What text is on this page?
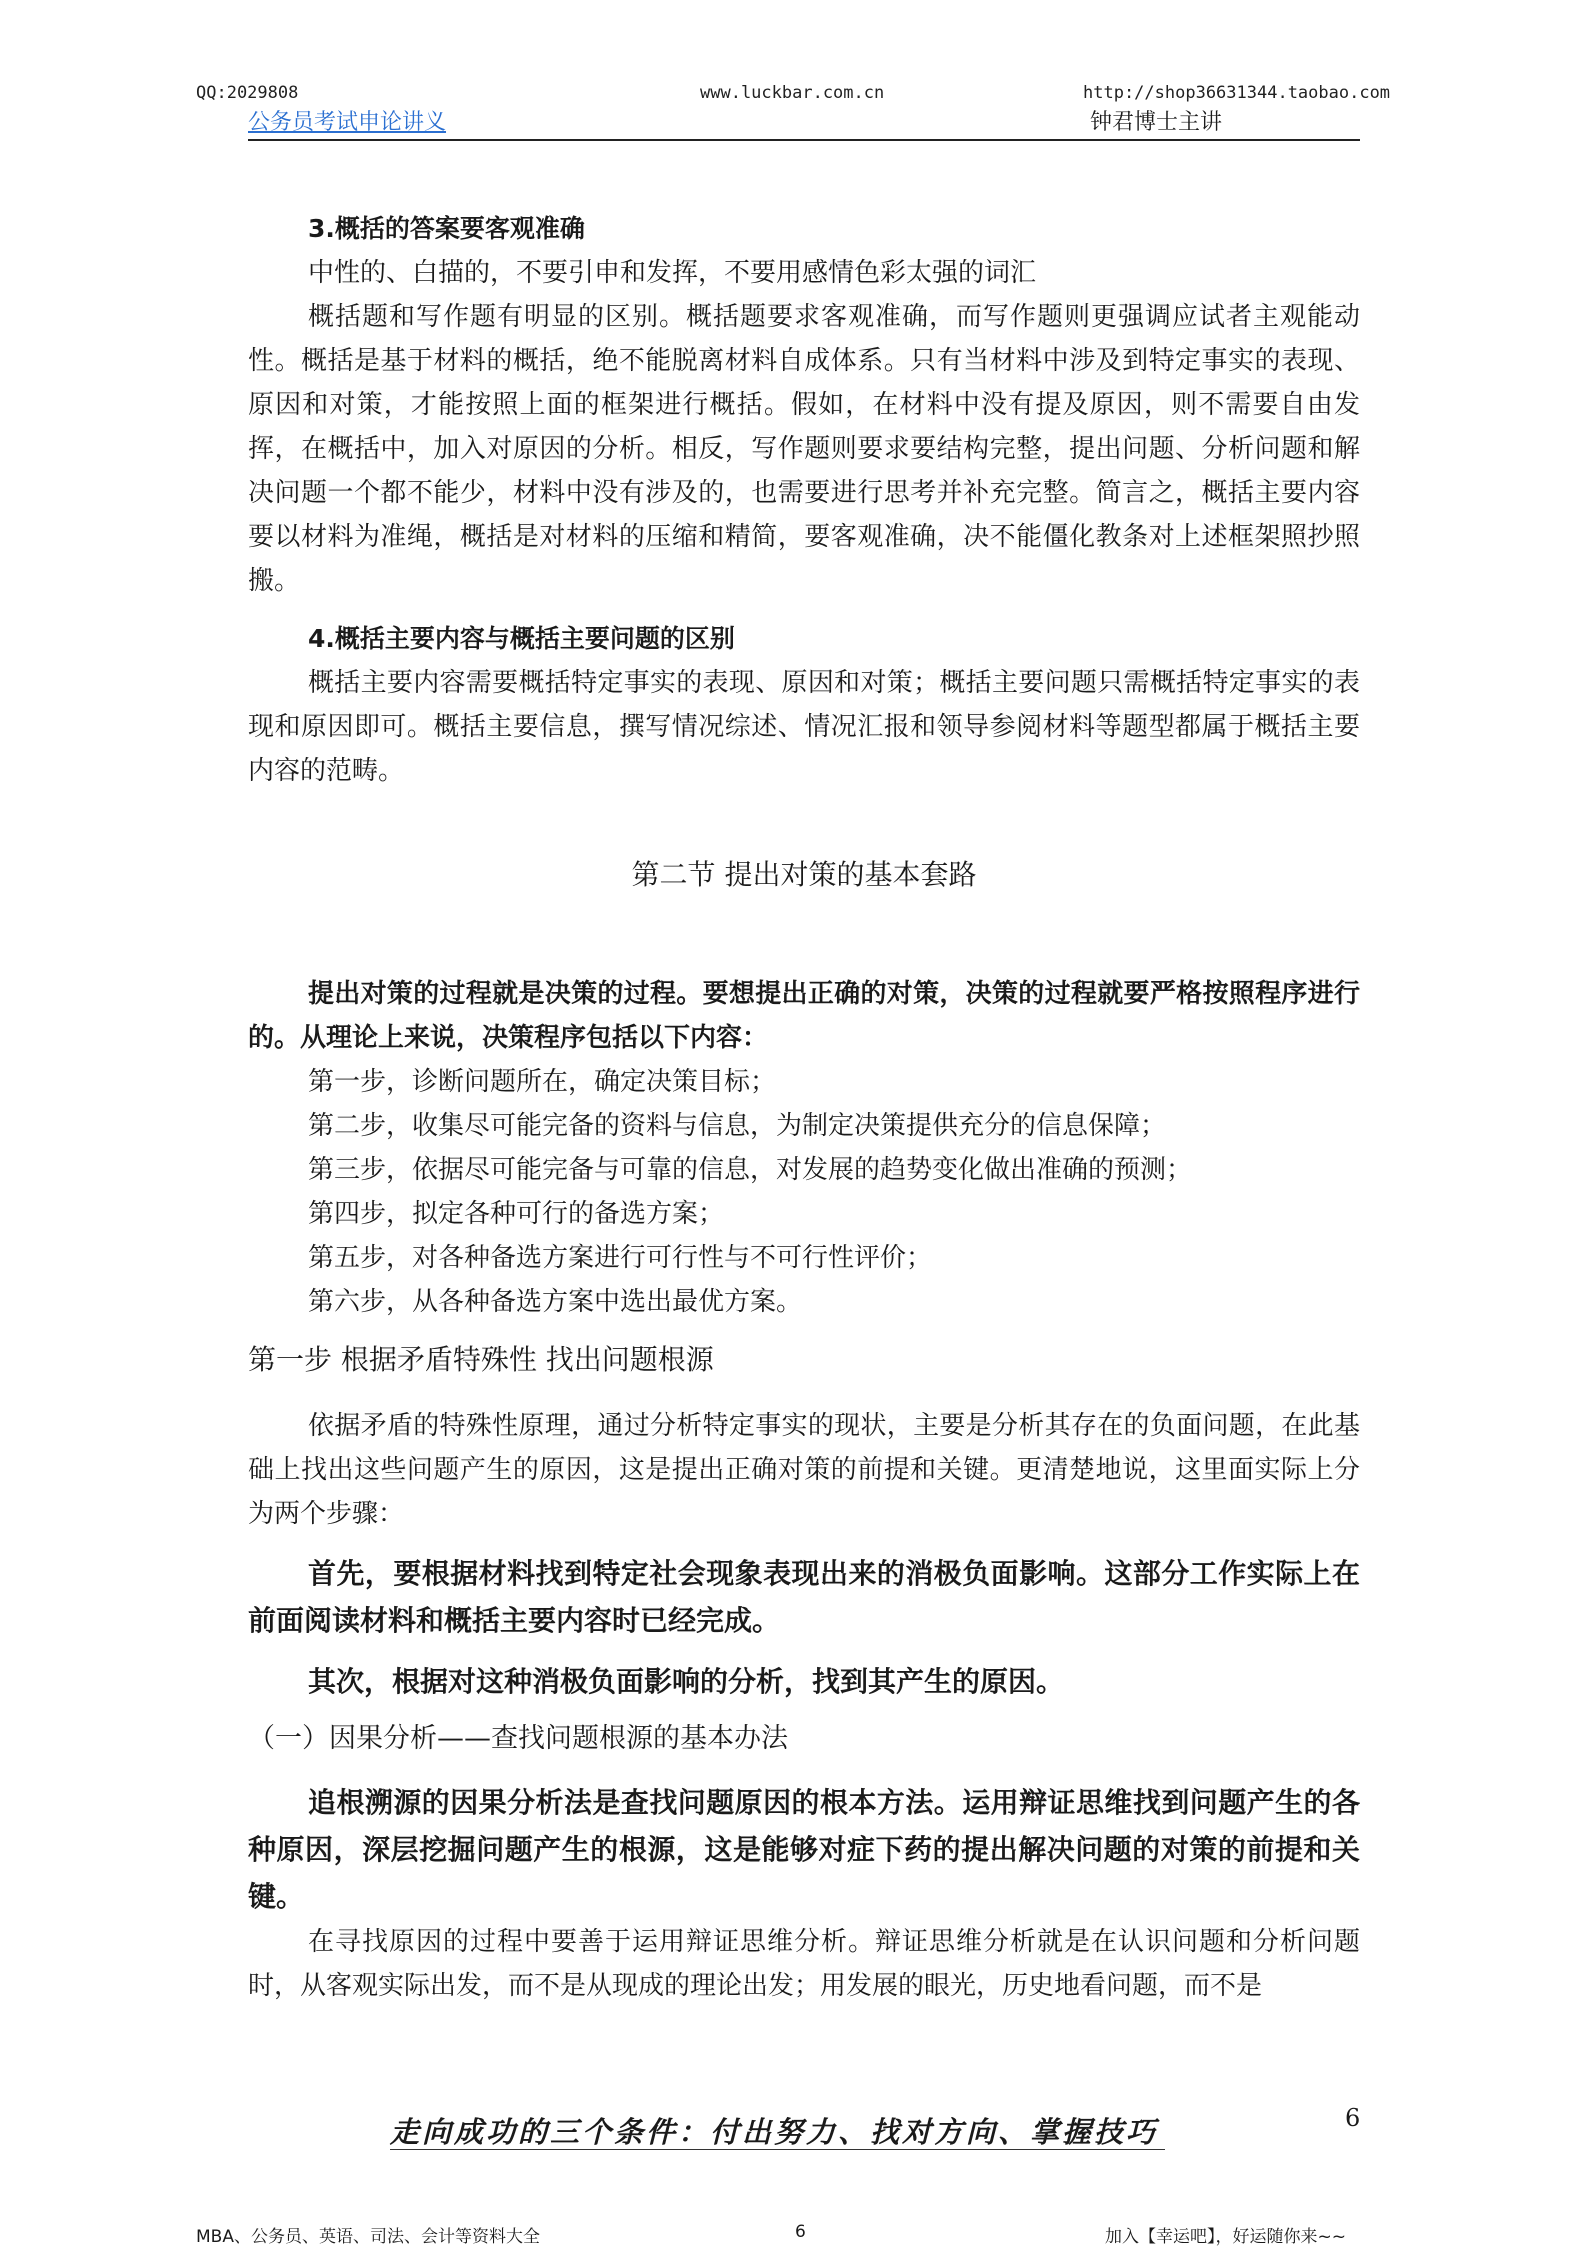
QQ:2029808	www.luckbar.com.cn	http://shop36631344.taobao.com
公务员考试申论讲义	钟君博士主讲

3.概括的答案要客观准确

中性的、白描的，不要引申和发挥，不要用感情色彩太强的词汇

概括题和写作题有明显的区别。概括题要求客观准确，而写作题则更强调应试者主观能动性。概括是基于材料的概括，绝不能脱离材料自成体系。只有当材料中涉及到特定事实的表现、原因和对策，才能按照上面的框架进行概括。假如，在材料中没有提及原因，则不需要自由发挥，在概括中，加入对原因的分析。相反，写作题则要求要结构完整，提出问题、分析问题和解决问题一个都不能少，材料中没有涉及的，也需要进行思考并补充完整。简言之，概括主要内容要以材料为准绳，概括是对材料的压缩和精简，要客观准确，决不能僵化教条对上述框架照抄照搬。

4.概括主要内容与概括主要问题的区别

概括主要内容需要概括特定事实的表现、原因和对策；概括主要问题只需概括特定事实的表现和原因即可。概括主要信息，撰写情况综述、情况汇报和领导参阅材料等题型都属于概括主要内容的范畴。

第二节 提出对策的基本套路

提出对策的过程就是决策的过程。要想提出正确的对策，决策的过程就要严格按照程序进行的。从理论上来说，决策程序包括以下内容：

第一步，诊断问题所在，确定决策目标；

第二步，收集尽可能完备的资料与信息，为制定决策提供充分的信息保障；

第三步，依据尽可能完备与可靠的信息，对发展的趋势变化做出准确的预测；

第四步，拟定各种可行的备选方案；

第五步，对各种备选方案进行可行性与不可行性评价；

第六步，从各种备选方案中选出最优方案。

第一步 根据矛盾特殊性 找出问题根源

依据矛盾的特殊性原理，通过分析特定事实的现状，主要是分析其存在的负面问题，在此基础上找出这些问题产生的原因，这是提出正确对策的前提和关键。更清楚地说，这里面实际上分为两个步骤：

首先，要根据材料找到特定社会现象表现出来的消极负面影响。这部分工作实际上在前面阅读材料和概括主要内容时已经完成。

其次，根据对这种消极负面影响的分析，找到其产生的原因。

（一）因果分析——查找问题根源的基本办法

追根溯源的因果分析法是查找问题原因的根本方法。运用辩证思维找到问题产生的各种原因，深层挖掘问题产生的根源，这是能够对症下药的提出解决问题的对策的前提和关键。

在寻找原因的过程中要善于运用辩证思维分析。辩证思维分析就是在认识问题和分析问题时，从客观实际出发，而不是从现成的理论出发；用发展的眼光，历史地看问题，而不是

走向成功的三个条件：付出努力、找对方向、掌握技巧	6
MBA、公务员、英语、司法、会计等资料大全	6	加入【幸运吧】，好运随你来~~
